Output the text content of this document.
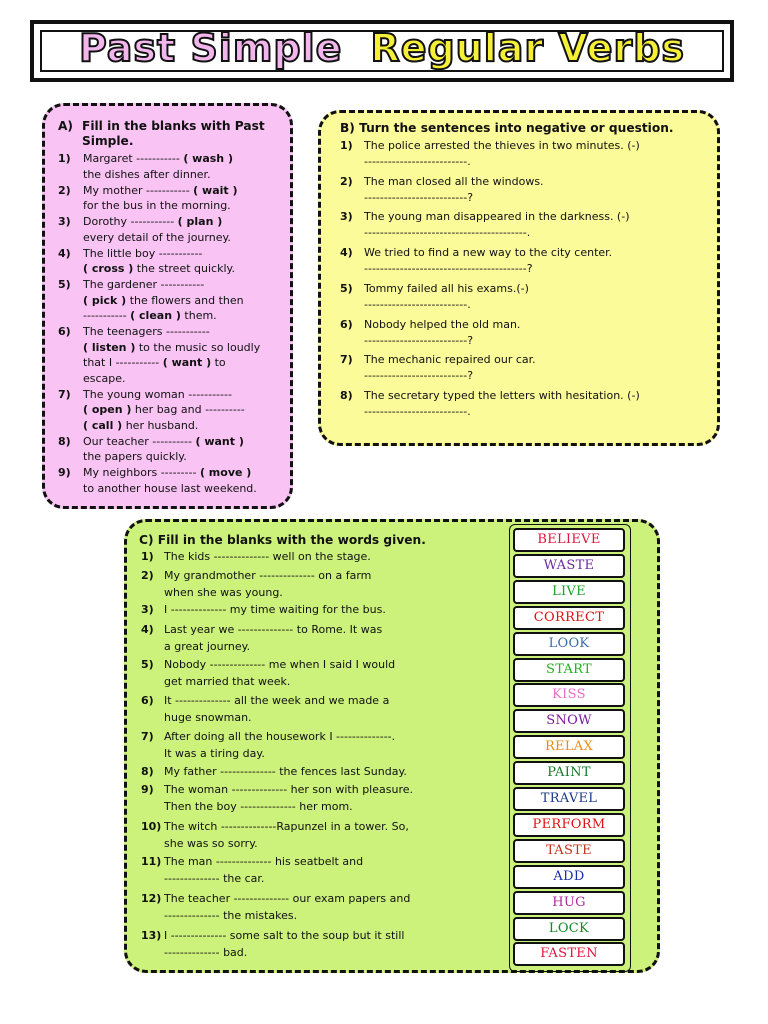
Past Simple Regular Verbs
A) Fill in the blanks with Past
Simple.
1) Margaret ----------- ( wash )
the dishes after dinner.
2) My mother ----------- ( wait )
for the bus in the morning.
3) Dorothy ----------- ( plan )
every detail of the journey.
4) The little boy -----------
( cross ) the street quickly.
5) The gardener -----------
( pick ) the flowers and then
----------- ( clean ) them.
6) The teenagers -----------
( listen ) to the music so loudly
that I ----------- ( want ) to
escape.
7) The young woman -----------
( open ) her bag and ----------
( call ) her husband.
8) Our teacher ---------- ( want )
the papers quickly.
9) My neighbors --------- ( move )
to another house last weekend.
B) Turn the sentences into negative or question.
1) The police arrested the thieves in two minutes. (-)
--------------------------.
2) The man closed all the windows.
--------------------------?
3) The young man disappeared in the darkness. (-)
-----------------------------------------.
4) We tried to find a new way to the city center.
-----------------------------------------?
5) Tommy failed all his exams.(-)
--------------------------.
6) Nobody helped the old man.
--------------------------?
7) The mechanic repaired our car.
--------------------------?
8) The secretary typed the letters with hesitation. (-)
--------------------------.
C) Fill in the blanks with the words given.
1) The kids -------------- well on the stage.
2) My grandmother -------------- on a farm
when she was young.
3) I -------------- my time waiting for the bus.
4) Last year we -------------- to Rome. It was
a great journey.
5) Nobody -------------- me when I said I would
get married that week.
6) It -------------- all the week and we made a
huge snowman.
7) After doing all the housework I --------------.
It was a tiring day.
8) My father -------------- the fences last Sunday.
9) The woman -------------- her son with pleasure.
Then the boy -------------- her mom.
10) The witch --------------Rapunzel in a tower. So,
she was so sorry.
11) The man -------------- his seatbelt and
-------------- the car.
12) The teacher -------------- our exam papers and
-------------- the mistakes.
13) I -------------- some salt to the soup but it still
-------------- bad.
BELIEVE
WASTE
LIVE
CORRECT
LOOK
START
KISS
SNOW
RELAX
PAINT
TRAVEL
PERFORM
TASTE
ADD
HUG
LOCK
FASTEN
